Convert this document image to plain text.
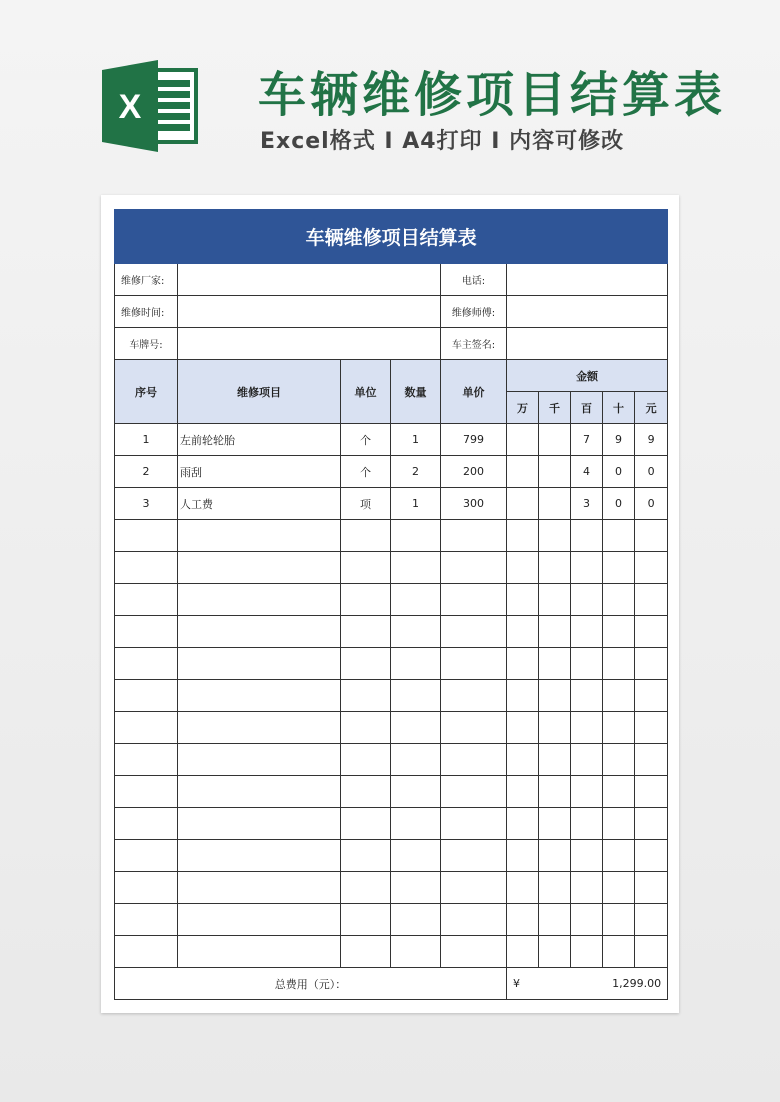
X 车辆维修项目结算表
Excel格式 I A4打印 I 内容可修改
车辆维修项目结算表									
维修厂家:				电话:					
维修时间:				维修师傅:					
车牌号:				车主签名:					
序号	维修项目	单位	数量	单价	金额				
					万	千	百	十	元
1	左前轮轮胎	个	1	799			7	9	9
2	雨刮	个	2	200			4	0	0
3	人工费	项	1	300			3	0	0

总费用（元）：					¥ 1,299.00				
